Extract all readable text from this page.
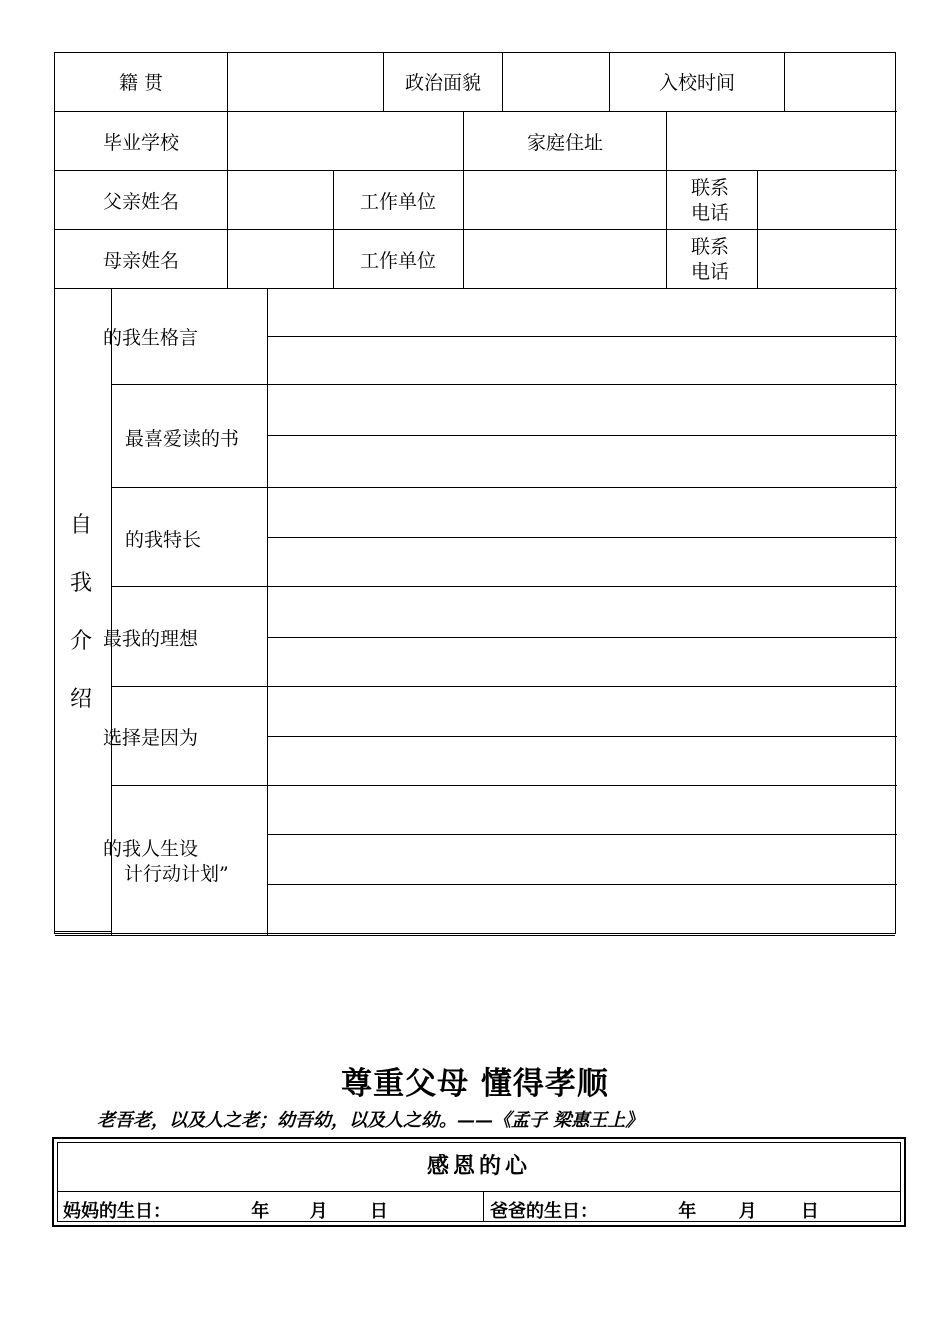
籍 贯	政治面貌	入校时间
毕业学校	家庭住址
父亲姓名	工作单位
联系
电话
母亲姓名	工作单位
联系
电话
自
我
介
绍
的我生格言
最喜爱读的书
的我特长
最我的理想
选择是因为
的我人生设
计行动计划”
尊重父母 懂得孝顺
老吾老，以及人之老；幼吾幼，以及人之幼。——《孟子 梁惠王上》
感恩的心
妈妈的生日：	年 月 日	爸爸的生日：	年 月 日
